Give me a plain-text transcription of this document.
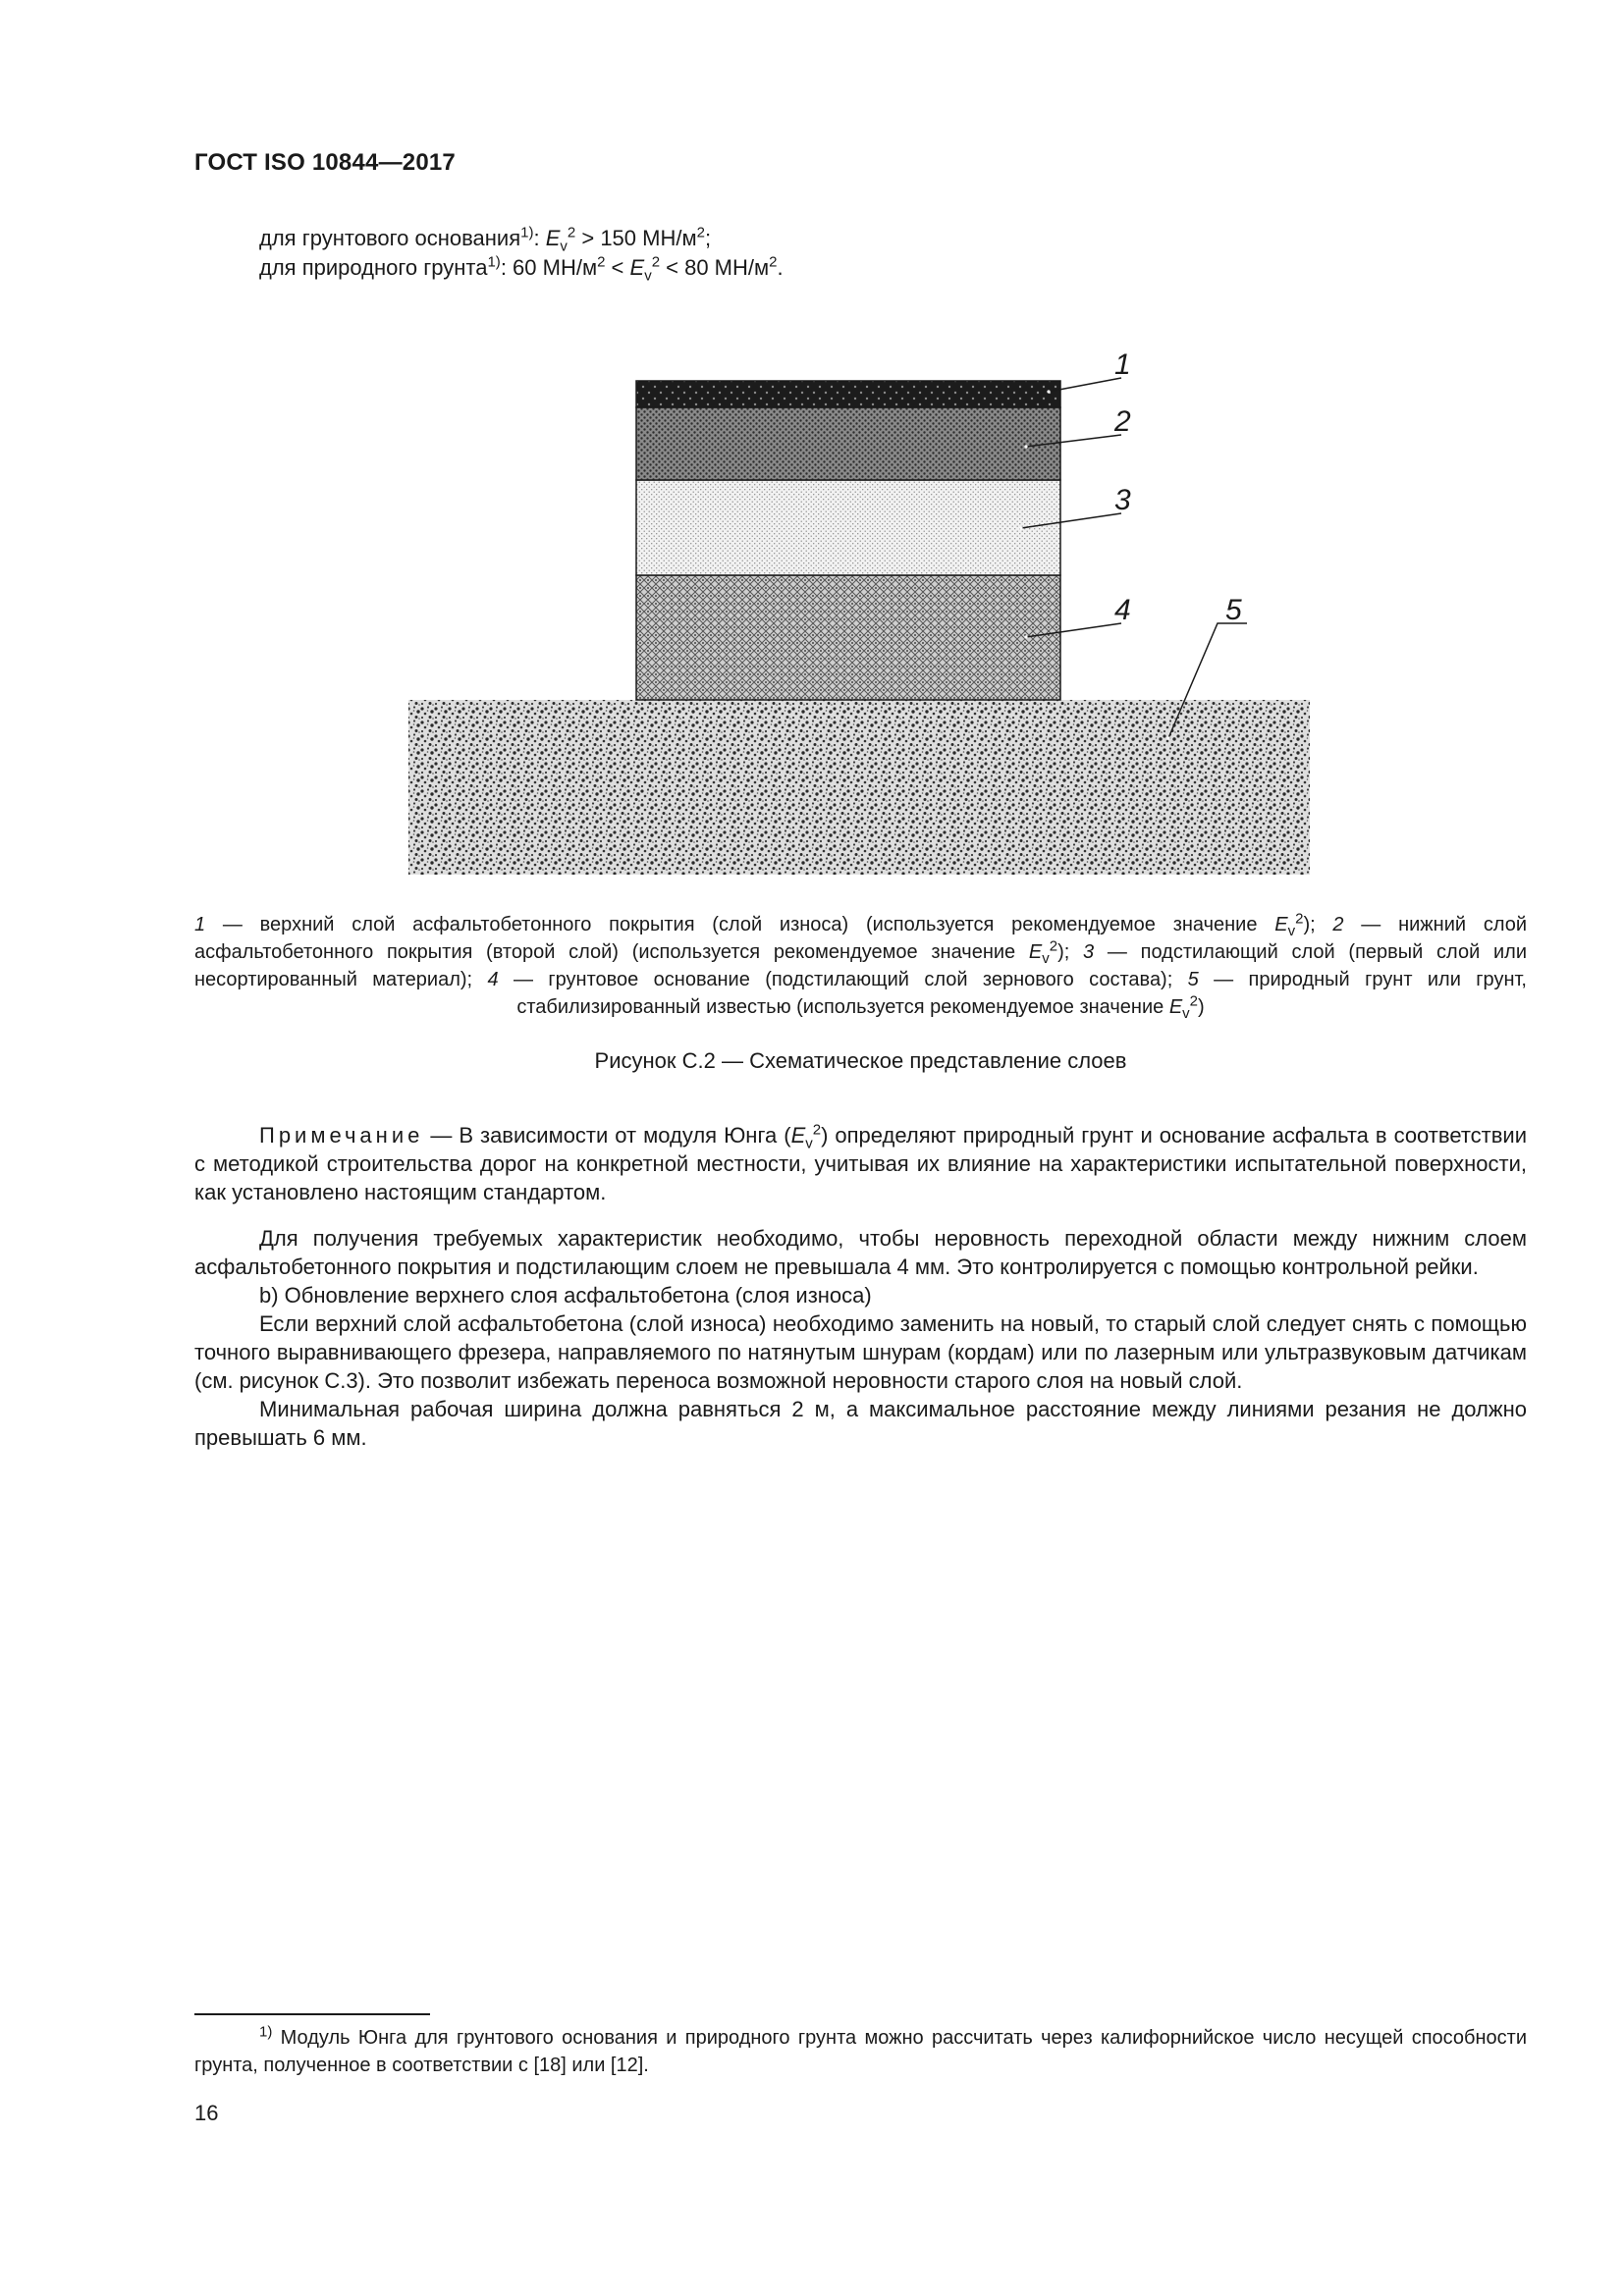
ГОСТ ISO 10844—2017
для грунтового основания$^{1)}$: $E_v^2 > 150$ $МН/м^2$;
для природного грунта$^{1)}$: 60 $МН/м^2 < E_v^2 < 80$ $МН/м^2$.
1
2
3
4	5
1 — верхний слой асфальтобетонного покрытия (слой износа) (используется рекомендуемое значение $E_v^2$); 2 — нижний слой асфальтобетонного покрытия (второй слой) (используется рекомендуемое значение $E_v^2$); 3 — подстилающий слой (первый слой или несортированный материал); 4 — грунтовое основание (подстилающий слой зернового состава); 5 — природный грунт или грунт, стабилизированный известью (используется рекомендуемое значение $E_v^2$)
Рисунок С.2 — Схематическое представление слоев

Примечание — В зависимости от модуля Юнга $(E_v^2)$ определяют природный грунт и основание асфальта в соответствии с методикой строительства дорог на конкретной местности, учитывая их влияние на характеристики испытательной поверхности, как установлено настоящим стандартом.

Для получения требуемых характеристик необходимо, чтобы неровность переходной области между нижним слоем асфальтобетонного покрытия и подстилающим слоем не превышала 4 мм. Это контролируется с помощью контрольной рейки.

b) Обновление верхнего слоя асфальтобетона (слоя износа)

Если верхний слой асфальтобетона (слой износа) необходимо заменить на новый, то старый слой следует снять с помощью точного выравнивающего фрезера, направляемого по натянутым шнурам (кордам) или по лазерным или ультразвуковым датчикам (см. рисунок С.3). Это позволит избежать переноса возможной неровности старого слоя на новый слой.

Минимальная рабочая ширина должна равняться 2 м, а максимальное расстояние между линиями резания не должно превышать 6 мм.

$^{1)}$ Модуль Юнга для грунтового основания и природного грунта можно рассчитать через калифорнийское число несущей способности грунта, полученное в соответствии с [18] или [12].
16
